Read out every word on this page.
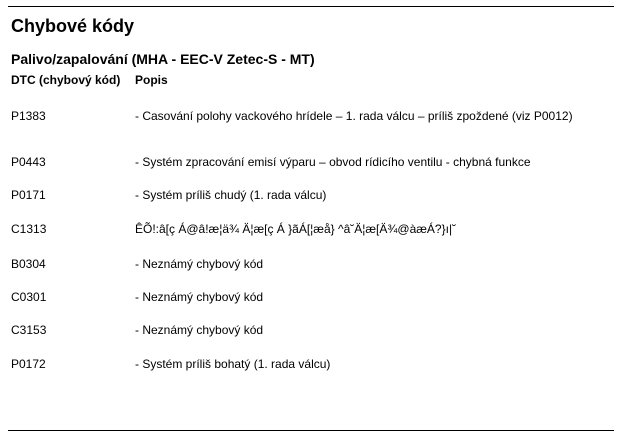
Chybové kódy
Palivo/zapalování (MHA - EEC-V Zetec-S - MT)
DTC (chybový kód)	Popis
P1383	- Casování polohy vackového hrídele – 1. rada válcu – príliš zpoždené (viz P0012)
P0443	- Systém zpracování emisí výparu – obvod rídicího ventilu - chybná funkce
P0171	- Systém príliš chudý (1. rada válcu)
C1313	ÊÕ!:â[ç Á@â!æ¦ä¾ Ä¦æ[ç Á }ãÁ[¦æå} ^â˘Ä¦æ[Ä¾@àæÁ?}ı|˘
B0304	- Neznámý chybový kód
C0301	- Neznámý chybový kód
C3153	- Neznámý chybový kód
P0172	- Systém príliš bohatý (1. rada válcu)
